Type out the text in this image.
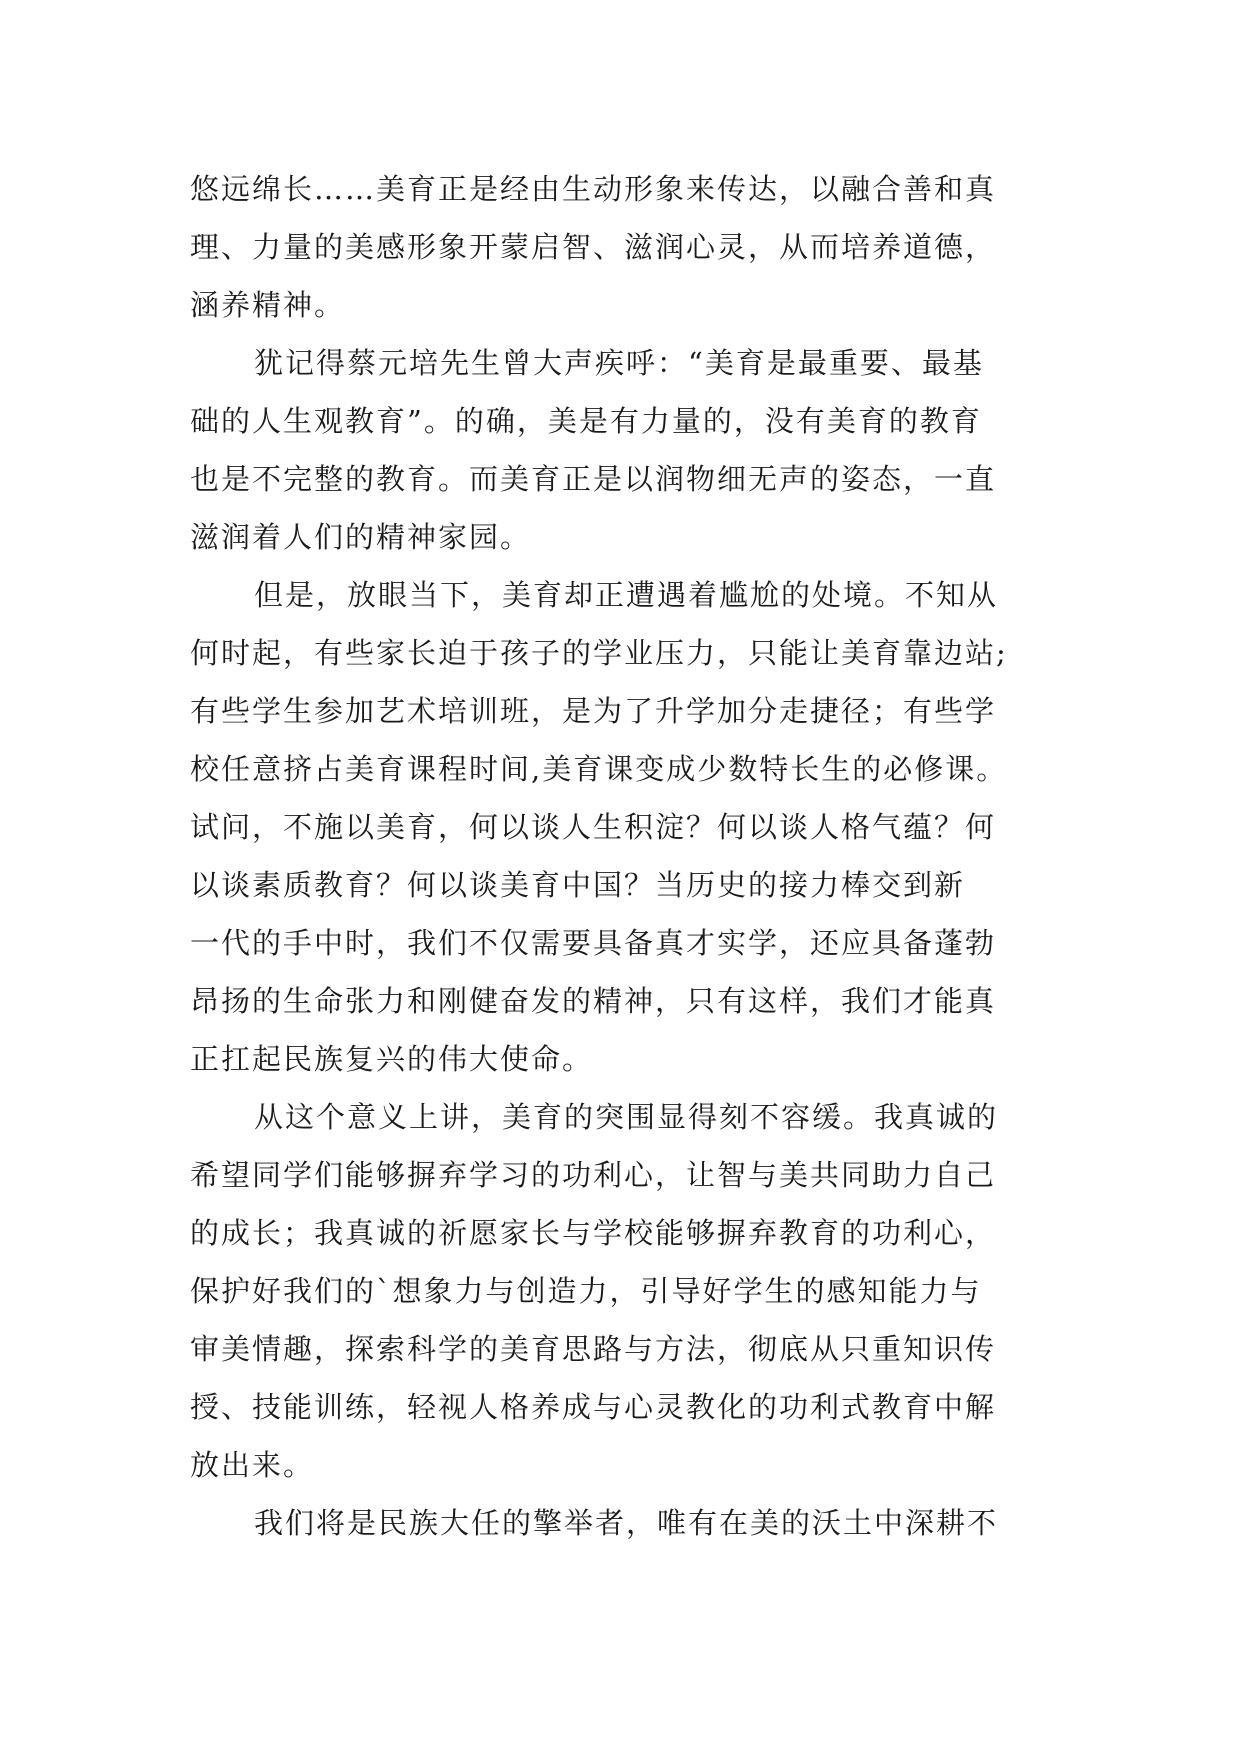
悠远绵长……美育正是经由生动形象来传达，以融合善和真
理、力量的美感形象开蒙启智、滋润心灵，从而培养道德，
涵养精神。
犹记得蔡元培先生曾大声疾呼：“美育是最重要、最基
础的人生观教育”。的确，美是有力量的，没有美育的教育
也是不完整的教育。而美育正是以润物细无声的姿态，一直
滋润着人们的精神家园。
但是，放眼当下，美育却正遭遇着尴尬的处境。不知从
何时起，有些家长迫于孩子的学业压力，只能让美育靠边站;
有些学生参加艺术培训班，是为了升学加分走捷径；有些学
校任意挤占美育课程时间,美育课变成少数特长生的必修课。
试问，不施以美育，何以谈人生积淀？何以谈人格气蕴？何
以谈素质教育？何以谈美育中国？当历史的接力棒交到新
一代的手中时，我们不仅需要具备真才实学，还应具备蓬勃
昂扬的生命张力和刚健奋发的精神，只有这样，我们才能真
正扛起民族复兴的伟大使命。
从这个意义上讲，美育的突围显得刻不容缓。我真诚的
希望同学们能够摒弃学习的功利心，让智与美共同助力自己
的成长；我真诚的祈愿家长与学校能够摒弃教育的功利心，
保护好我们的`想象力与创造力，引导好学生的感知能力与
审美情趣，探索科学的美育思路与方法，彻底从只重知识传
授、技能训练，轻视人格养成与心灵教化的功利式教育中解
放出来。
我们将是民族大任的擎举者，唯有在美的沃土中深耕不
